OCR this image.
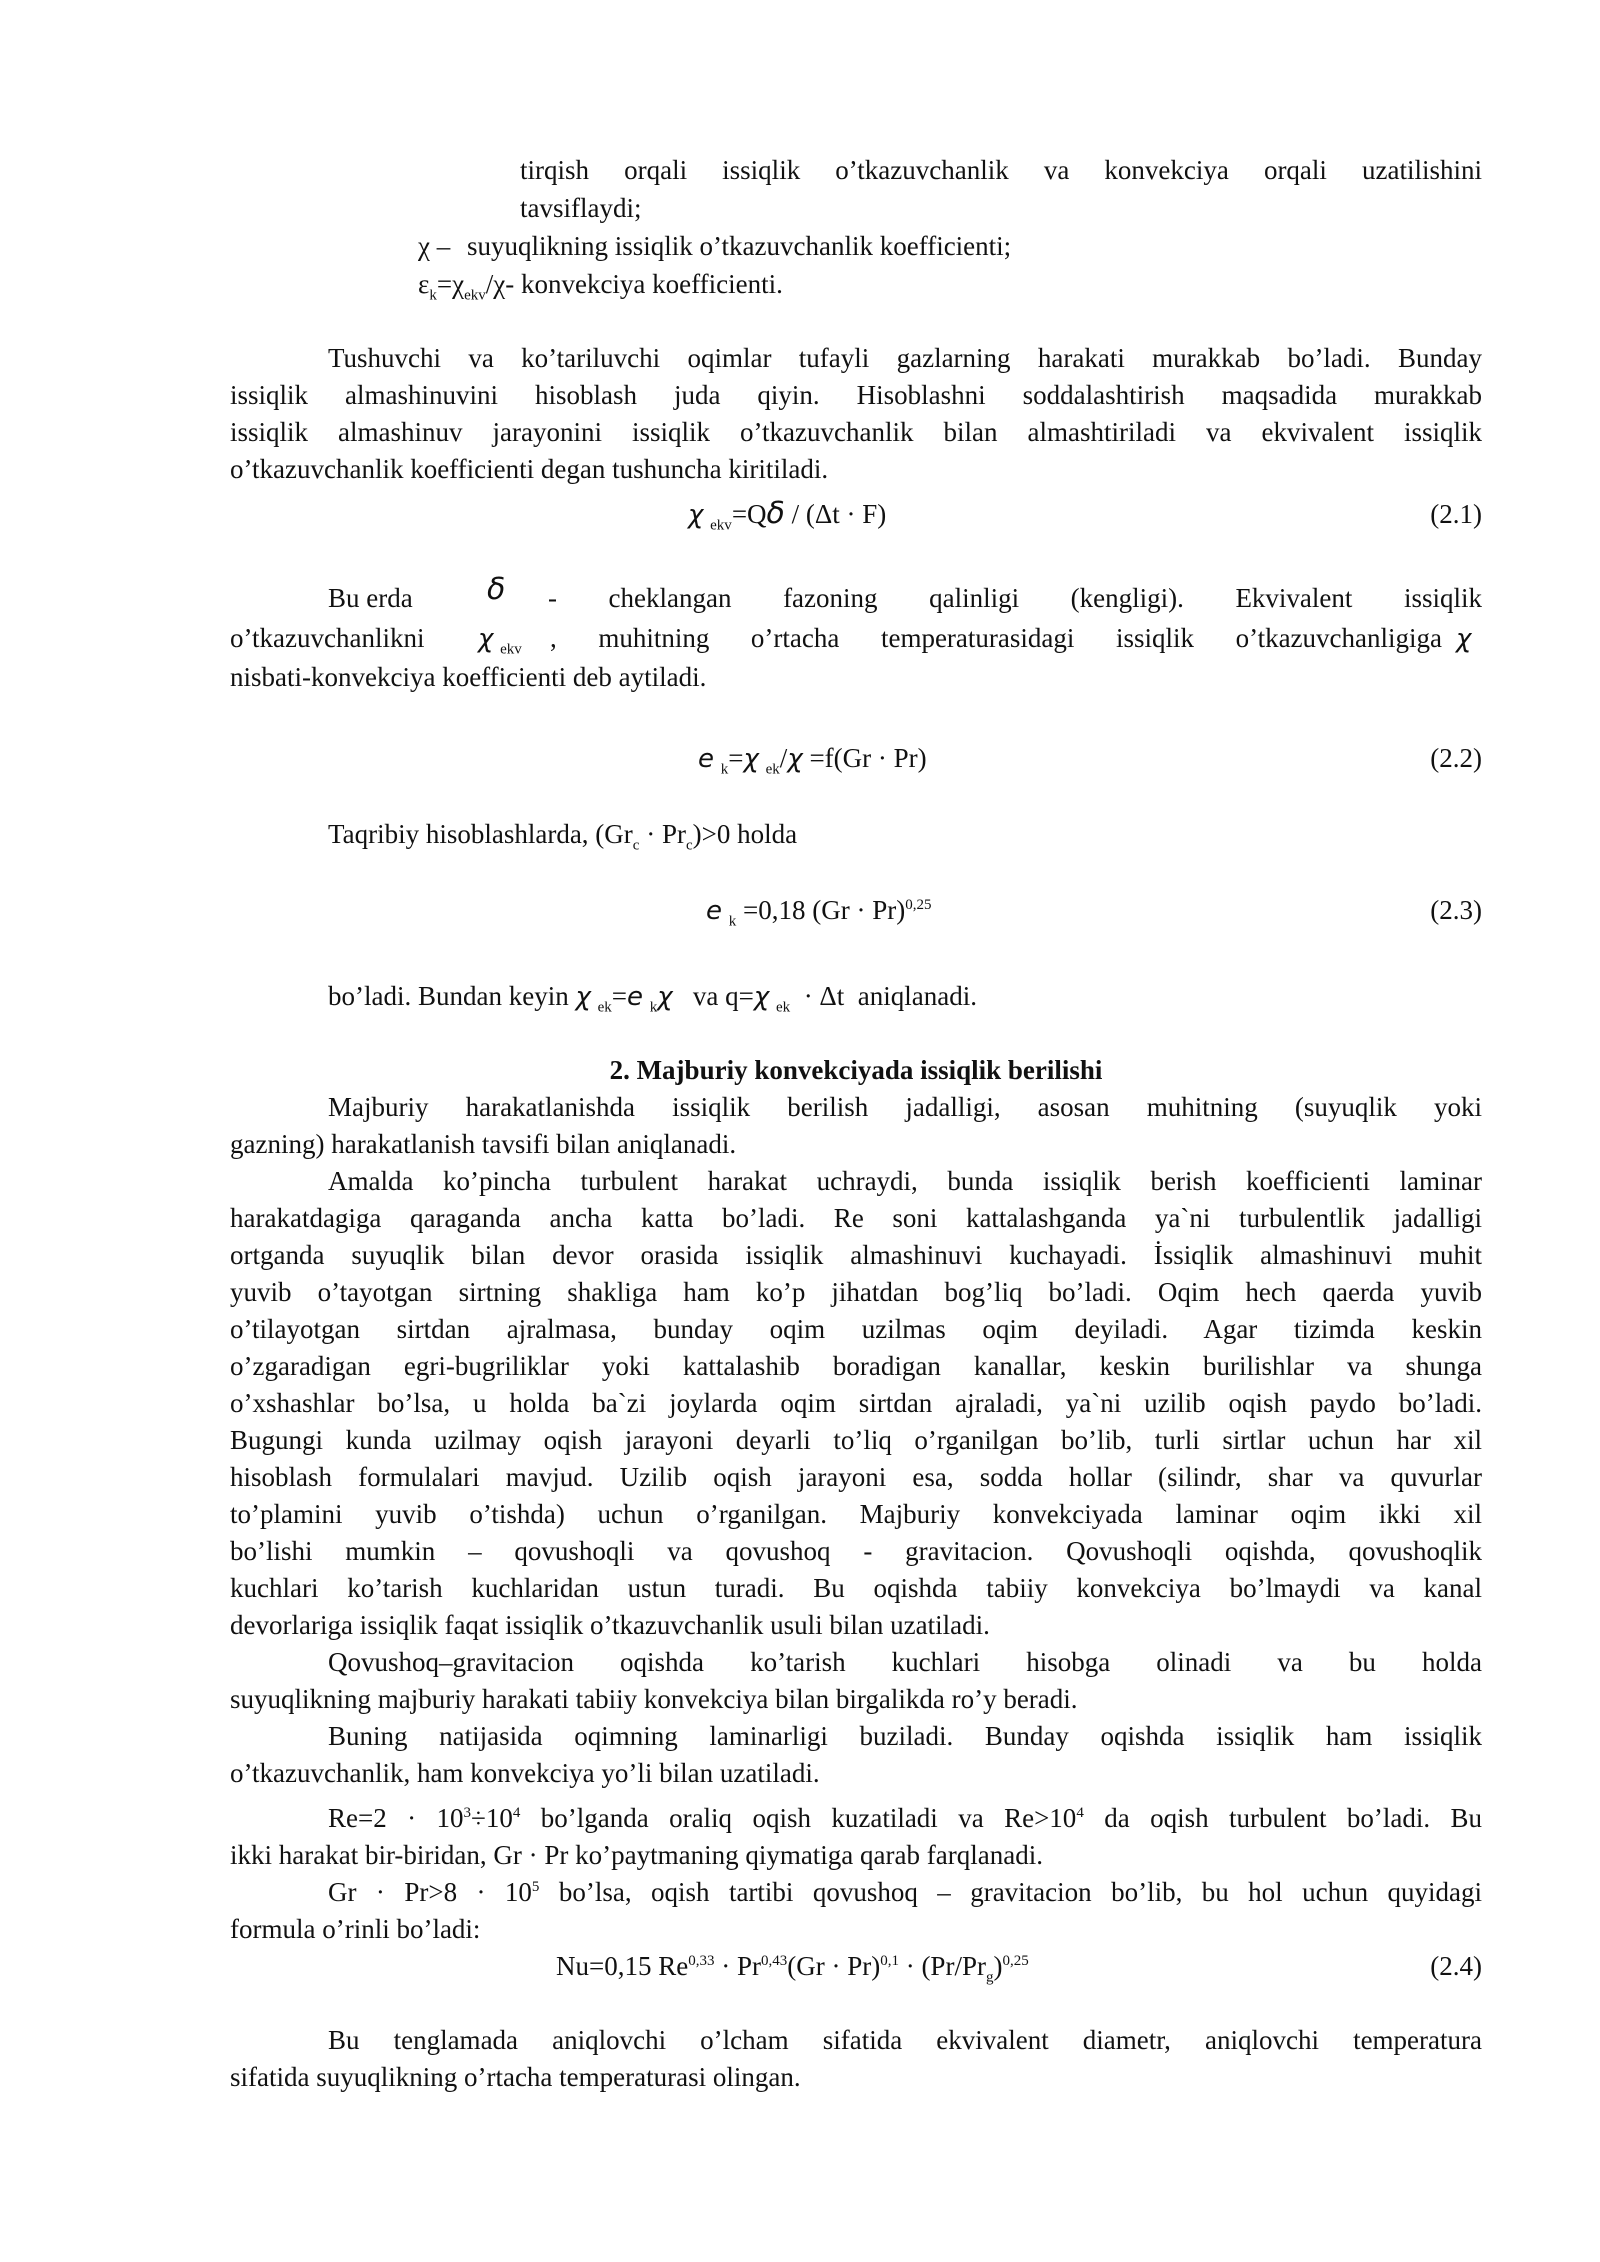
tirqish orqali issiqlik o’tkazuvchanlik va konvekciya orqali uzatilishini
tavsiflaydi;
χ – suyuqlikning issiqlik o’tkazuvchanlik koefficienti;
$\varepsilon_k=\chi_{ekv}/\chi-$ konvekciya koefficienti.
Tushuvchi va ko’tariluvchi oqimlar tufayli gazlarning harakati murakkab bo’ladi. Bunday
issiqlik almashinuvini hisoblash juda qiyin. Hisoblashni soddalashtirish maqsadida murakkab
issiqlik almashinuv jarayonini issiqlik o’tkazuvchanlik bilan almashtiriladi va ekvivalent issiqlik
o’tkazuvchanlik koefficienti degan tushuncha kiritiladi.
χ $_{ekv}$=Qδ / (Δt · F)	(2.1)
Bu erda δ - cheklangan fazoning qalinligi (kengligi). Ekvivalent issiqlik
o’tkazuvchanlikni χ $_{ekv}$ , muhitning o’rtacha temperaturasidagi issiqlik o’tkazuvchanligiga χ
nisbati-konvekciya koefficienti deb aytiladi.
e $_k$=χ $_{ek}$/χ =f(Gr · Pr)	(2.2)
Taqribiy hisoblashlarda, $(Gr_c \cdot Pr_c)>0$ holda
e $_k$ =0,18 $(Gr \cdot Pr)^{0,25}$	(2.3)
bo’ladi. Bundan keyin χ $_{ek}$=e $_k$χ   va q=χ $_{ek}$  · Δt  aniqlanadi.
2. Majburiy konvekciyada issiqlik berilishi
Majburiy harakatlanishda issiqlik berilish jadalligi, asosan muhitning (suyuqlik yoki
gazning) harakatlanish tavsifi bilan aniqlanadi.
Amalda ko’pincha turbulent harakat uchraydi, bunda issiqlik berish koefficienti laminar
harakatdagiga qaraganda ancha katta bo’ladi. Re soni kattalashganda ya`ni turbulentlik jadalligi
ortganda suyuqlik bilan devor orasida issiqlik almashinuvi kuchayadi. İssiqlik almashinuvi muhit
yuvib o’tayotgan sirtning shakliga ham ko’p jihatdan bog’liq bo’ladi. Oqim hech qaerda yuvib
o’tilayotgan sirtdan ajralmasa, bunday oqim uzilmas oqim deyiladi. Agar tizimda keskin
o’zgaradigan egri-bugriliklar yoki kattalashib boradigan kanallar, keskin burilishlar va shunga
o’xshashlar bo’lsa, u holda ba`zi joylarda oqim sirtdan ajraladi, ya`ni uzilib oqish paydo bo’ladi.
Bugungi kunda uzilmay oqish jarayoni deyarli to’liq o’rganilgan bo’lib, turli sirtlar uchun har xil
hisoblash formulalari mavjud. Uzilib oqish jarayoni esa, sodda hollar (silindr, shar va quvurlar
to’plamini yuvib o’tishda) uchun o’rganilgan. Majburiy konvekciyada laminar oqim ikki xil
bo’lishi mumkin – qovushoqli va qovushoq - gravitacion. Qovushoqli oqishda, qovushoqlik
kuchlari ko’tarish kuchlaridan ustun turadi. Bu oqishda tabiiy konvekciya bo’lmaydi va kanal
devorlariga issiqlik faqat issiqlik o’tkazuvchanlik usuli bilan uzatiladi.
Qovushoq–gravitacion oqishda ko’tarish kuchlari hisobga olinadi va bu holda
suyuqlikning majburiy harakati tabiiy konvekciya bilan birgalikda ro’y beradi.
Buning natijasida oqimning laminarligi buziladi. Bunday oqishda issiqlik ham issiqlik
o’tkazuvchanlik, ham konvekciya yo’li bilan uzatiladi.
$Re=2 \cdot 10^3\div 10^4$ bo’lganda oraliq oqish kuzatiladi va $Re>10^4$ da oqish turbulent bo’ladi. Bu
ikki harakat bir-biridan, Gr · Pr ko’paytmaning qiymatiga qarab farqlanadi.
$Gr \cdot Pr>8 \cdot 10^5$ bo’lsa, oqish tartibi qovushoq – gravitacion bo’lib, bu hol uchun quyidagi
formula o’rinli bo’ladi:
Nu=0,15 $Re^{0,33} \cdot Pr^{0,43}(Gr \cdot Pr)^{0,1} \cdot (Pr/Pr_g)^{0,25}$	(2.4)
Bu tenglamada aniqlovchi o’lcham sifatida ekvivalent diametr, aniqlovchi temperatura
sifatida suyuqlikning o’rtacha temperaturasi olingan.
